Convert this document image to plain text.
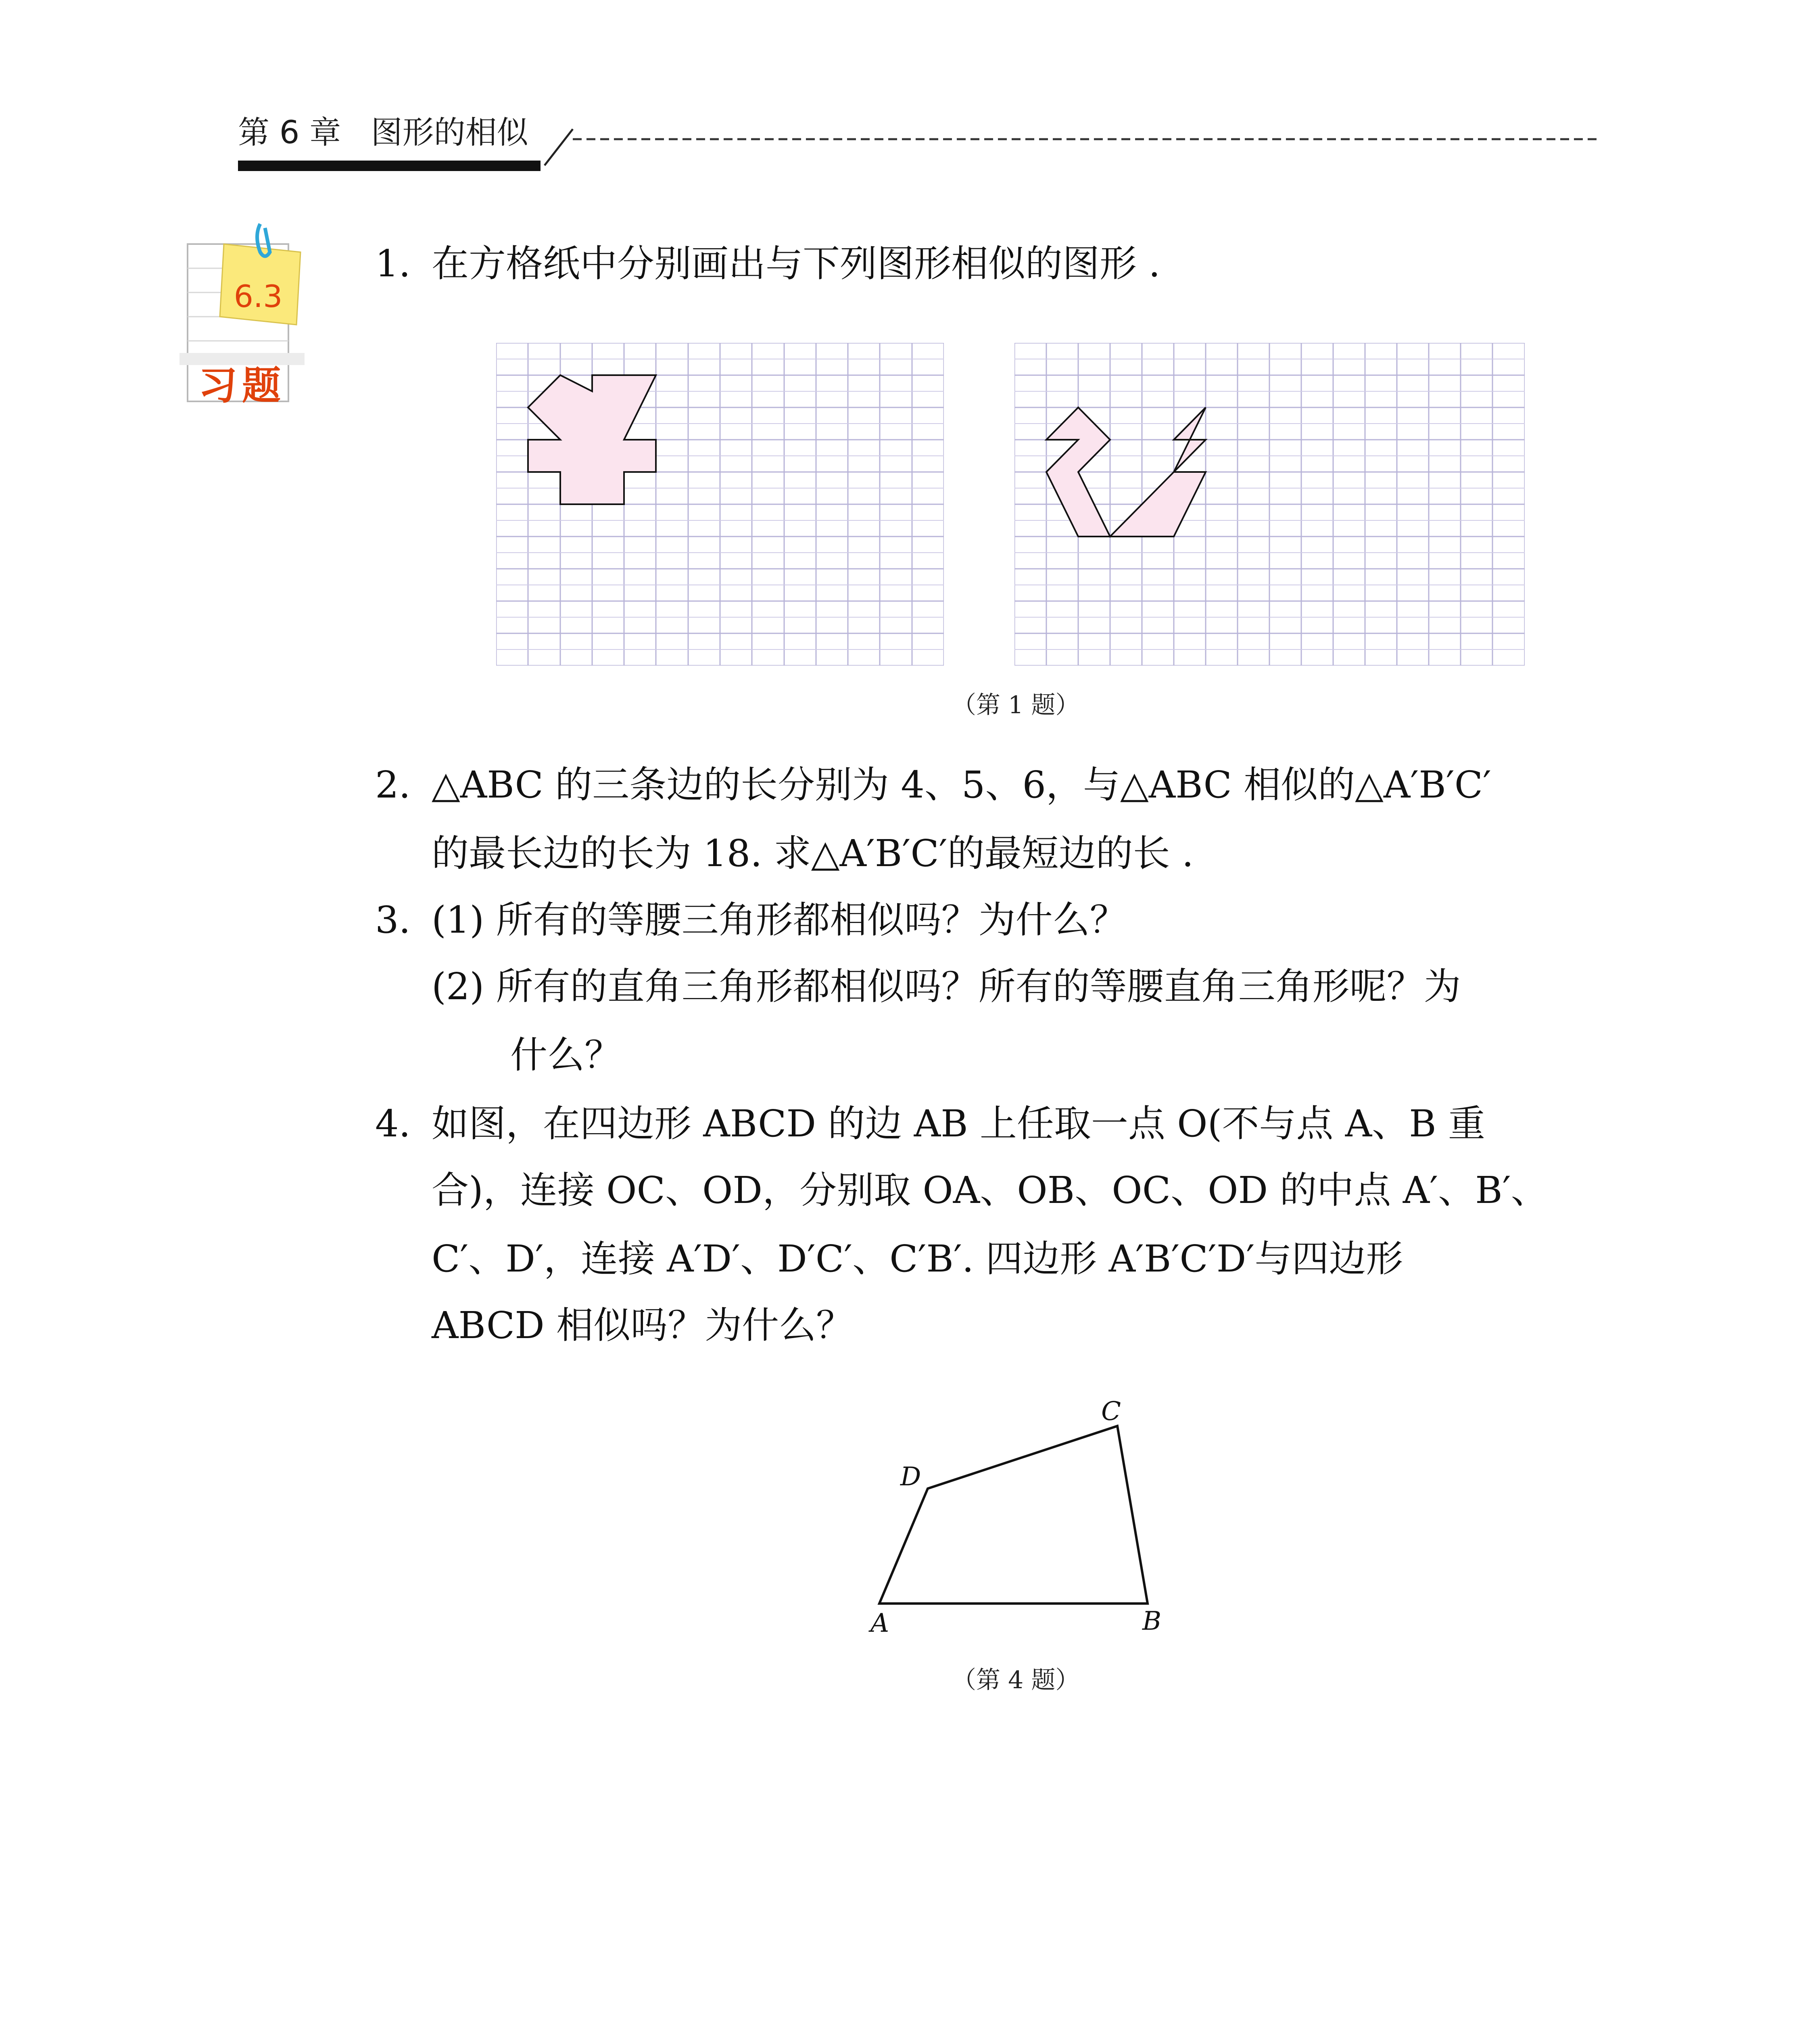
第 6 章 图形的相似
6.3
习题
1. 在方格纸中分别画出与下列图形相似的图形 .
（第 1 题）
2. △ABC 的三条边的长分别为 4、5、6，与△ABC 相似的△A′B′C′
的最长边的长为 18. 求△A′B′C′的最短边的长 .
3. (1) 所有的等腰三角形都相似吗？为什么？
(2) 所有的直角三角形都相似吗？所有的等腰直角三角形呢？为
什么？
4. 如图，在四边形 ABCD 的边 AB 上任取一点 O(不与点 A、B 重
合)，连接 OC、OD，分别取 OA、OB、OC、OD 的中点 A′、B′、
C′、D′，连接 A′D′、D′C′、C′B′. 四边形 A′B′C′D′与四边形
ABCD 相似吗？为什么？
A	B
C
D
（第 4 题）
